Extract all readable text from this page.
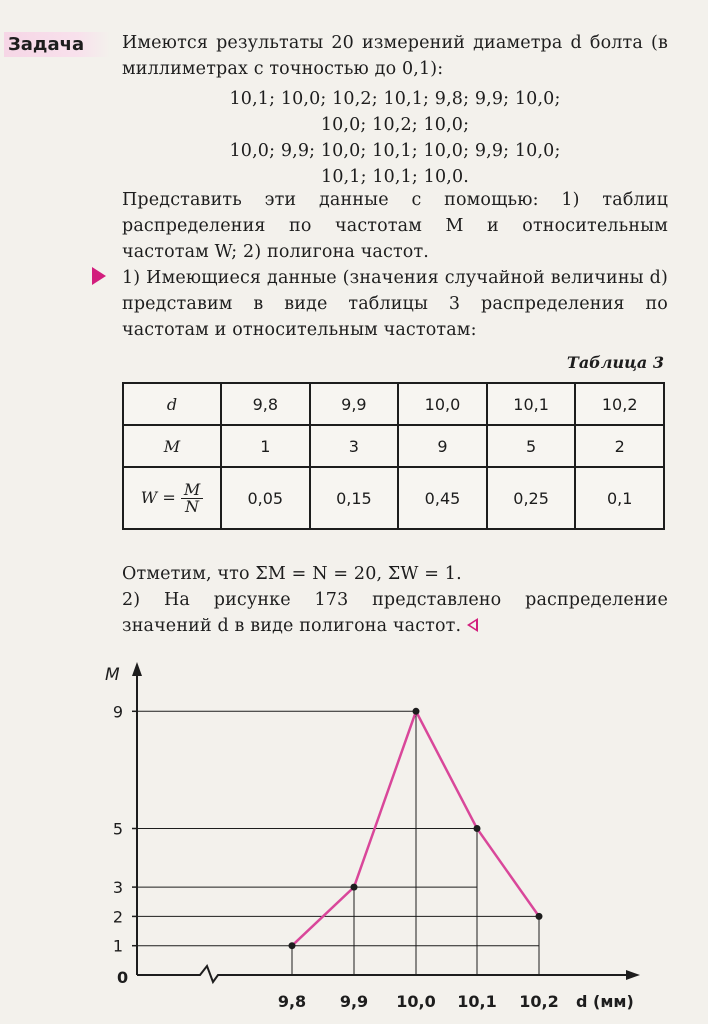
Задача	Имеются результаты 20 измерений диаметра d болта (в миллиметрах с точностью до 0,1):

10,1; 10,0; 10,2; 10,1; 9,8; 9,9; 10,0;

10,0; 10,2; 10,0;

10,0; 9,9; 10,0; 10,1; 10,0; 9,9; 10,0;

10,1; 10,1; 10,0.

Представить эти данные с помощью: 1) таблиц распределения по частотам M и относительным частотам W; 2) полигона частот.

1) Имеющиеся данные (значения случайной величины d) представим в виде таблицы 3 распределения по частотам и относительным частотам:

Таблица 3
d	9,8	9,9	10,0	10,1	10,2
M	1	3	9	5	2
$W = \frac{M}{N}$	0,05	0,15	0,45	0,25	0,1

Отметим, что ΣM = N = 20, ΣW = 1.

2) На рисунке 173 представлено распределение значений d в виде полигона частот.

1
2
3
5
9
M
0
d (мм)
9,8 9,9 10,0 10,1 10,2
